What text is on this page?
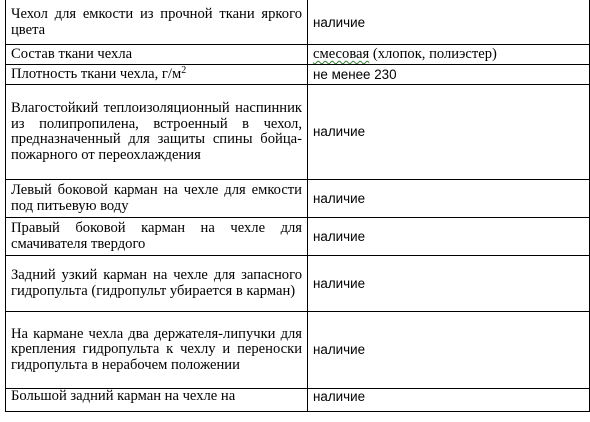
Чехол для емкости из прочной ткани яркого цвета	наличие
Состав ткани чехла	смесовая (хлопок, полиэстер)
Плотность ткани чехла, $г/м^2$	не менее 230
Влагостойкий теплоизоляционный наспинник из полипропилена, встроенный в чехол, предназначенный для защиты спины бойца-пожарного от переохлаждения	наличие
Левый боковой карман на чехле для емкости под питьевую воду	наличие
Правый боковой карман на чехле для смачивателя твердого	наличие
Задний узкий карман на чехле для запасного гидропульта (гидропульт убирается в карман)	наличие
На кармане чехла два держателя-липучки для крепления гидропульта к чехлу и переноски гидропульта в нерабочем положении	наличие
Большой задний карман на чехле на	наличие
